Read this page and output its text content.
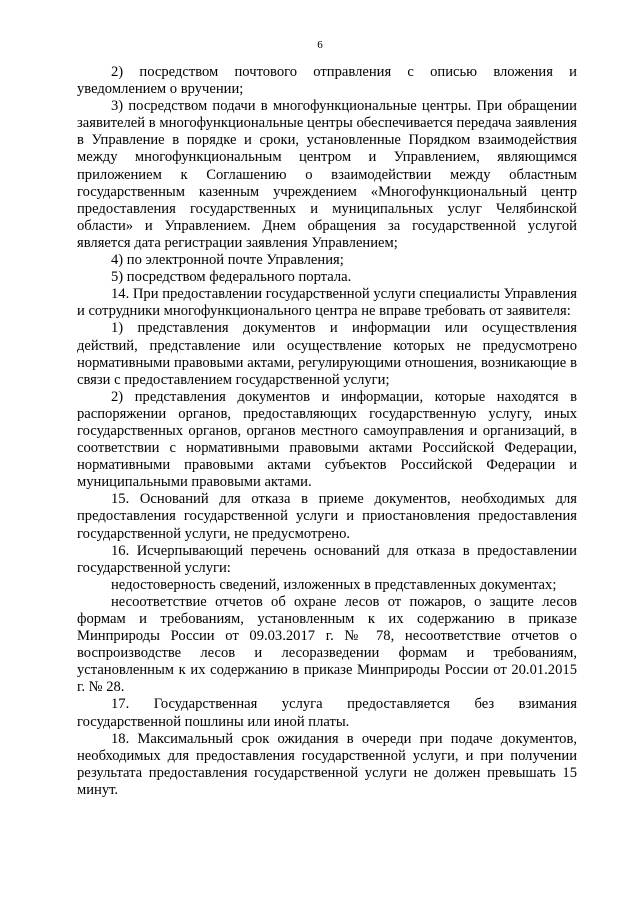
6

2) посредством почтового отправления с описью вложения и уведомлением о вручении;

3) посредством подачи в многофункциональные центры. При обращении заявителей в многофункциональные центры обеспечивается передача заявления в Управление в порядке и сроки, установленные Порядком взаимодействия между многофункциональным центром и Управлением, являющимся приложением к Соглашению о взаимодействии между областным государственным казенным учреждением «Многофункциональный центр предоставления государственных и муниципальных услуг Челябинской области» и Управлением. Днем обращения за государственной услугой является дата регистрации заявления Управлением;

4) по электронной почте Управления;

5) посредством федерального портала.

14. При предоставлении государственной услуги специалисты Управления и сотрудники многофункционального центра не вправе требовать от заявителя:

1) представления документов и информации или осуществления действий, представление или осуществление которых не предусмотрено нормативными правовыми актами, регулирующими отношения, возникающие в связи с предоставлением государственной услуги;

2) представления документов и информации, которые находятся в распоряжении органов, предоставляющих государственную услугу, иных государственных органов, органов местного самоуправления и организаций, в соответствии с нормативными правовыми актами Российской Федерации, нормативными правовыми актами субъектов Российской Федерации и муниципальными правовыми актами.

15. Оснований для отказа в приеме документов, необходимых для предоставления государственной услуги и приостановления предоставления государственной услуги, не предусмотрено.

16. Исчерпывающий перечень оснований для отказа в предоставлении государственной услуги:

недостоверность сведений, изложенных в представленных документах;

несоответствие отчетов об охране лесов от пожаров, о защите лесов формам и требованиям, установленным к их содержанию в приказе Минприроды России от 09.03.2017 г. № 78, несоответствие отчетов о воспроизводстве лесов и лесоразведении формам и требованиям, установленным к их содержанию в приказе Минприроды России от 20.01.2015 г. № 28.

17. Государственная услуга предоставляется без взимания государственной пошлины или иной платы.

18. Максимальный срок ожидания в очереди при подаче документов, необходимых для предоставления государственной услуги, и при получении результата предоставления государственной услуги не должен превышать 15 минут.
